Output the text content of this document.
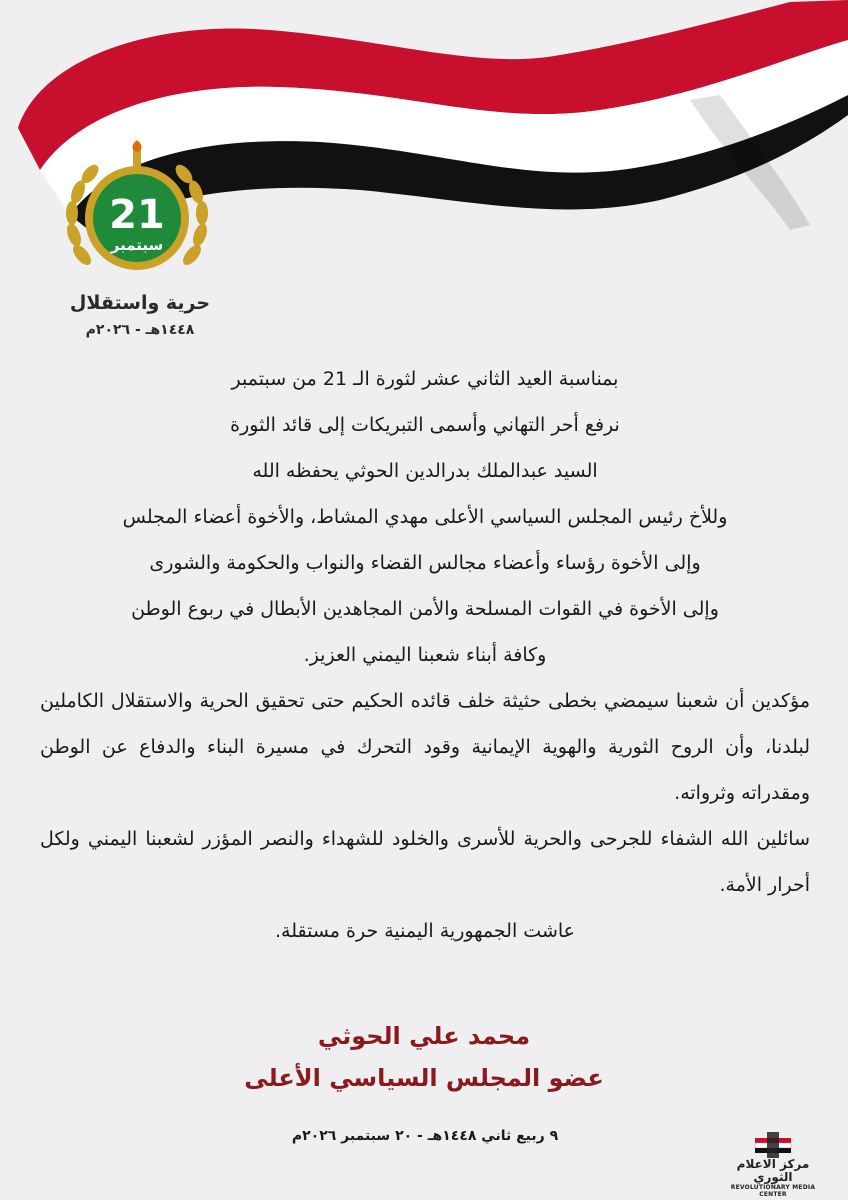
21
سبتمبر

حرية واستقلال

١٤٤٨هـ - ٢٠٢٦م

بمناسبة العيد الثاني عشر لثورة الـ 21 من سبتمبر

نرفع أحر التهاني وأسمى التبريكات إلى قائد الثورة

السيد عبدالملك بدرالدين الحوثي يحفظه الله

وللأخ رئيس المجلس السياسي الأعلى مهدي المشاط، والأخوة أعضاء المجلس

وإلى الأخوة رؤساء وأعضاء مجالس القضاء والنواب والحكومة والشورى

وإلى الأخوة في القوات المسلحة والأمن المجاهدين الأبطال في ربوع الوطن

وكافة أبناء شعبنا اليمني العزيز.

مؤكدين أن شعبنا سيمضي بخطى حثيثة خلف قائده الحكيم حتى تحقيق الحرية والاستقلال الكاملين لبلدنا، وأن الروح الثورية والهوية الإيمانية وقود التحرك في مسيرة البناء والدفاع عن الوطن ومقدراته وثرواته.

سائلين الله الشفاء للجرحى والحرية للأسرى والخلود للشهداء والنصر المؤزر لشعبنا اليمني ولكل أحرار الأمة.

عاشت الجمهورية اليمنية حرة مستقلة.

محمد علي الحوثي

عضو المجلس السياسي الأعلى

٩ ربيع ثاني ١٤٤٨هـ - ٢٠ سبتمبر ٢٠٢٦م

مركز الاعلام الثوري

REVOLUTIONARY MEDIA CENTER
